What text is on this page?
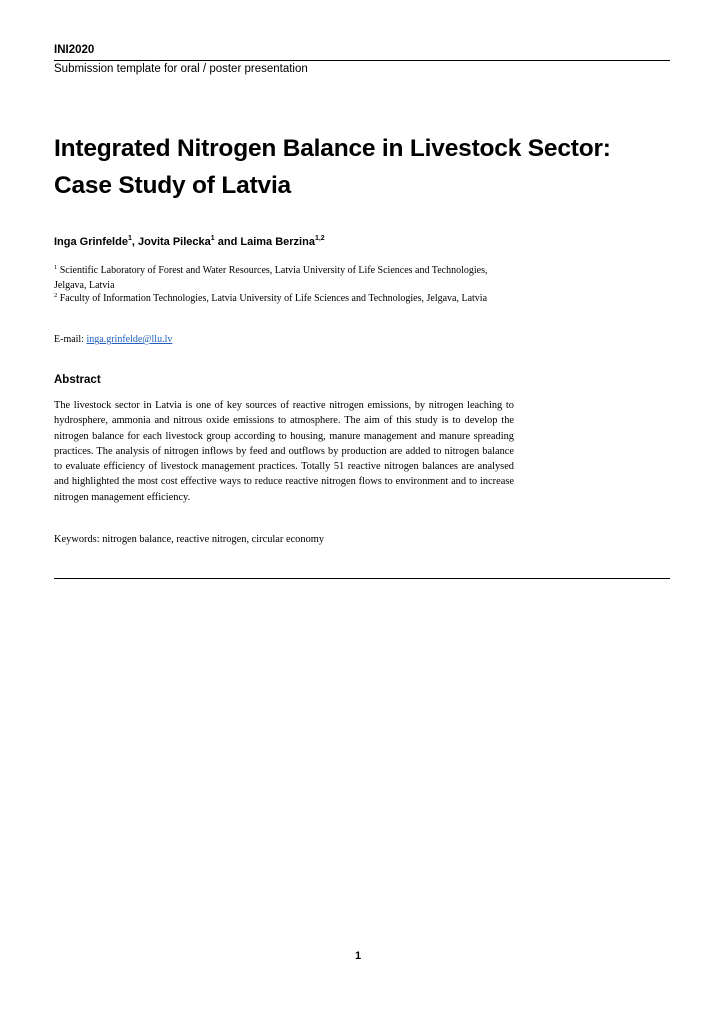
INI2020
Submission template for oral / poster presentation
Integrated Nitrogen Balance in Livestock Sector:
Case Study of Latvia
Inga Grinfelde$^1$, Jovita Pilecka$^1$ and Laima Berzina$^{1,2}$
$^1$ Scientific Laboratory of Forest and Water Resources, Latvia University of Life Sciences and Technologies, Jelgava, Latvia
$^2$ Faculty of Information Technologies, Latvia University of Life Sciences and Technologies, Jelgava, Latvia
E-mail: inga.grinfelde@llu.lv
Abstract
The livestock sector in Latvia is one of key sources of reactive nitrogen emissions, by nitrogen leaching to hydrosphere, ammonia and nitrous oxide emissions to atmosphere. The aim of this study is to develop the nitrogen balance for each livestock group according to housing, manure management and manure spreading practices. The analysis of nitrogen inflows by feed and outflows by production are added to nitrogen balance to evaluate efficiency of livestock management practices. Totally 51 reactive nitrogen balances are analysed and highlighted the most cost effective ways to reduce reactive nitrogen flows to environment and to increase nitrogen management efficiency.
Keywords: nitrogen balance, reactive nitrogen, circular economy
1
